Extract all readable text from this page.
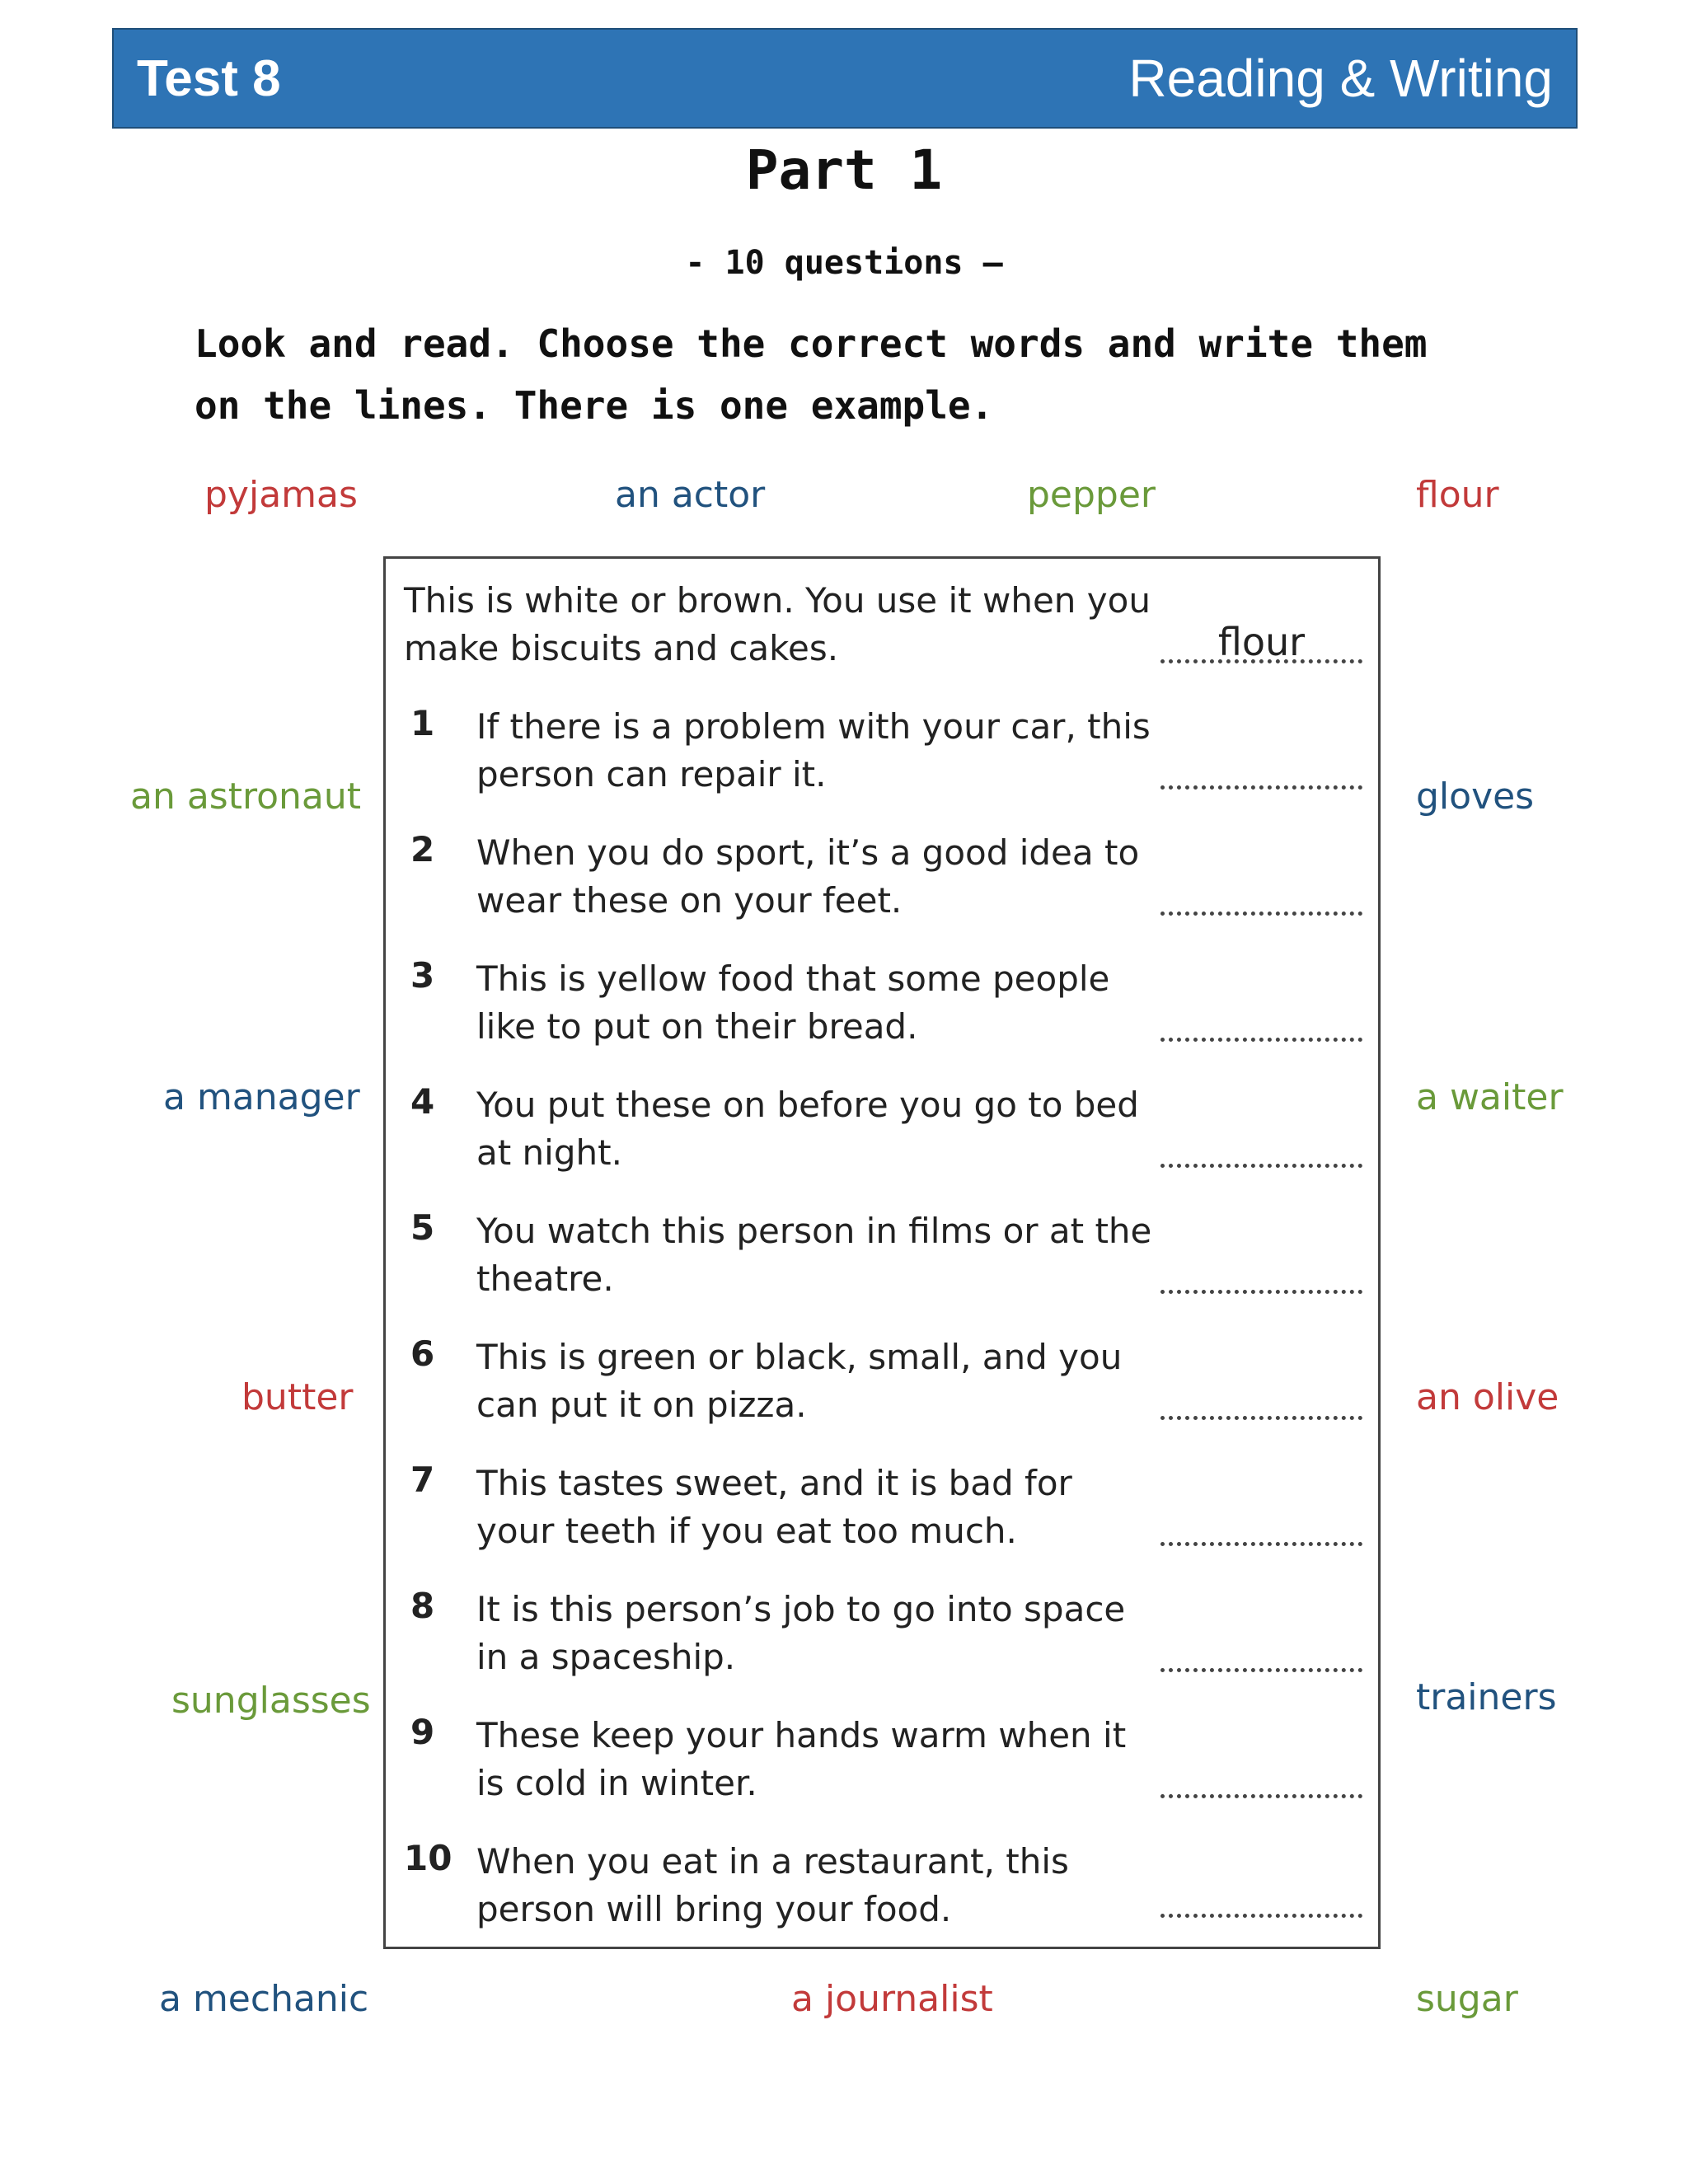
Test 8	Reading & Writing
Part 1
- 10 questions –
Look and read. Choose the correct words and write them on the lines. There is one example.
pyjamas	an actor	pepper	flour
an astronaut	gloves
a manager	a waiter
butter	an olive
sunglasses	trainers
a mechanic	a journalist	sugar
This is white or brown. You use it when you make biscuits and cakes.	flour
1 If there is a problem with your car, this person can repair it.
2 When you do sport, it’s a good idea to wear these on your feet.
3 This is yellow food that some people like to put on their bread.
4 You put these on before you go to bed at night.
5 You watch this person in films or at the theatre.
6 This is green or black, small, and you can put it on pizza.
7 This tastes sweet, and it is bad for your teeth if you eat too much.
8 It is this person’s job to go into space in a spaceship.
9 These keep your hands warm when it is cold in winter.
10 When you eat in a restaurant, this person will bring your food.
